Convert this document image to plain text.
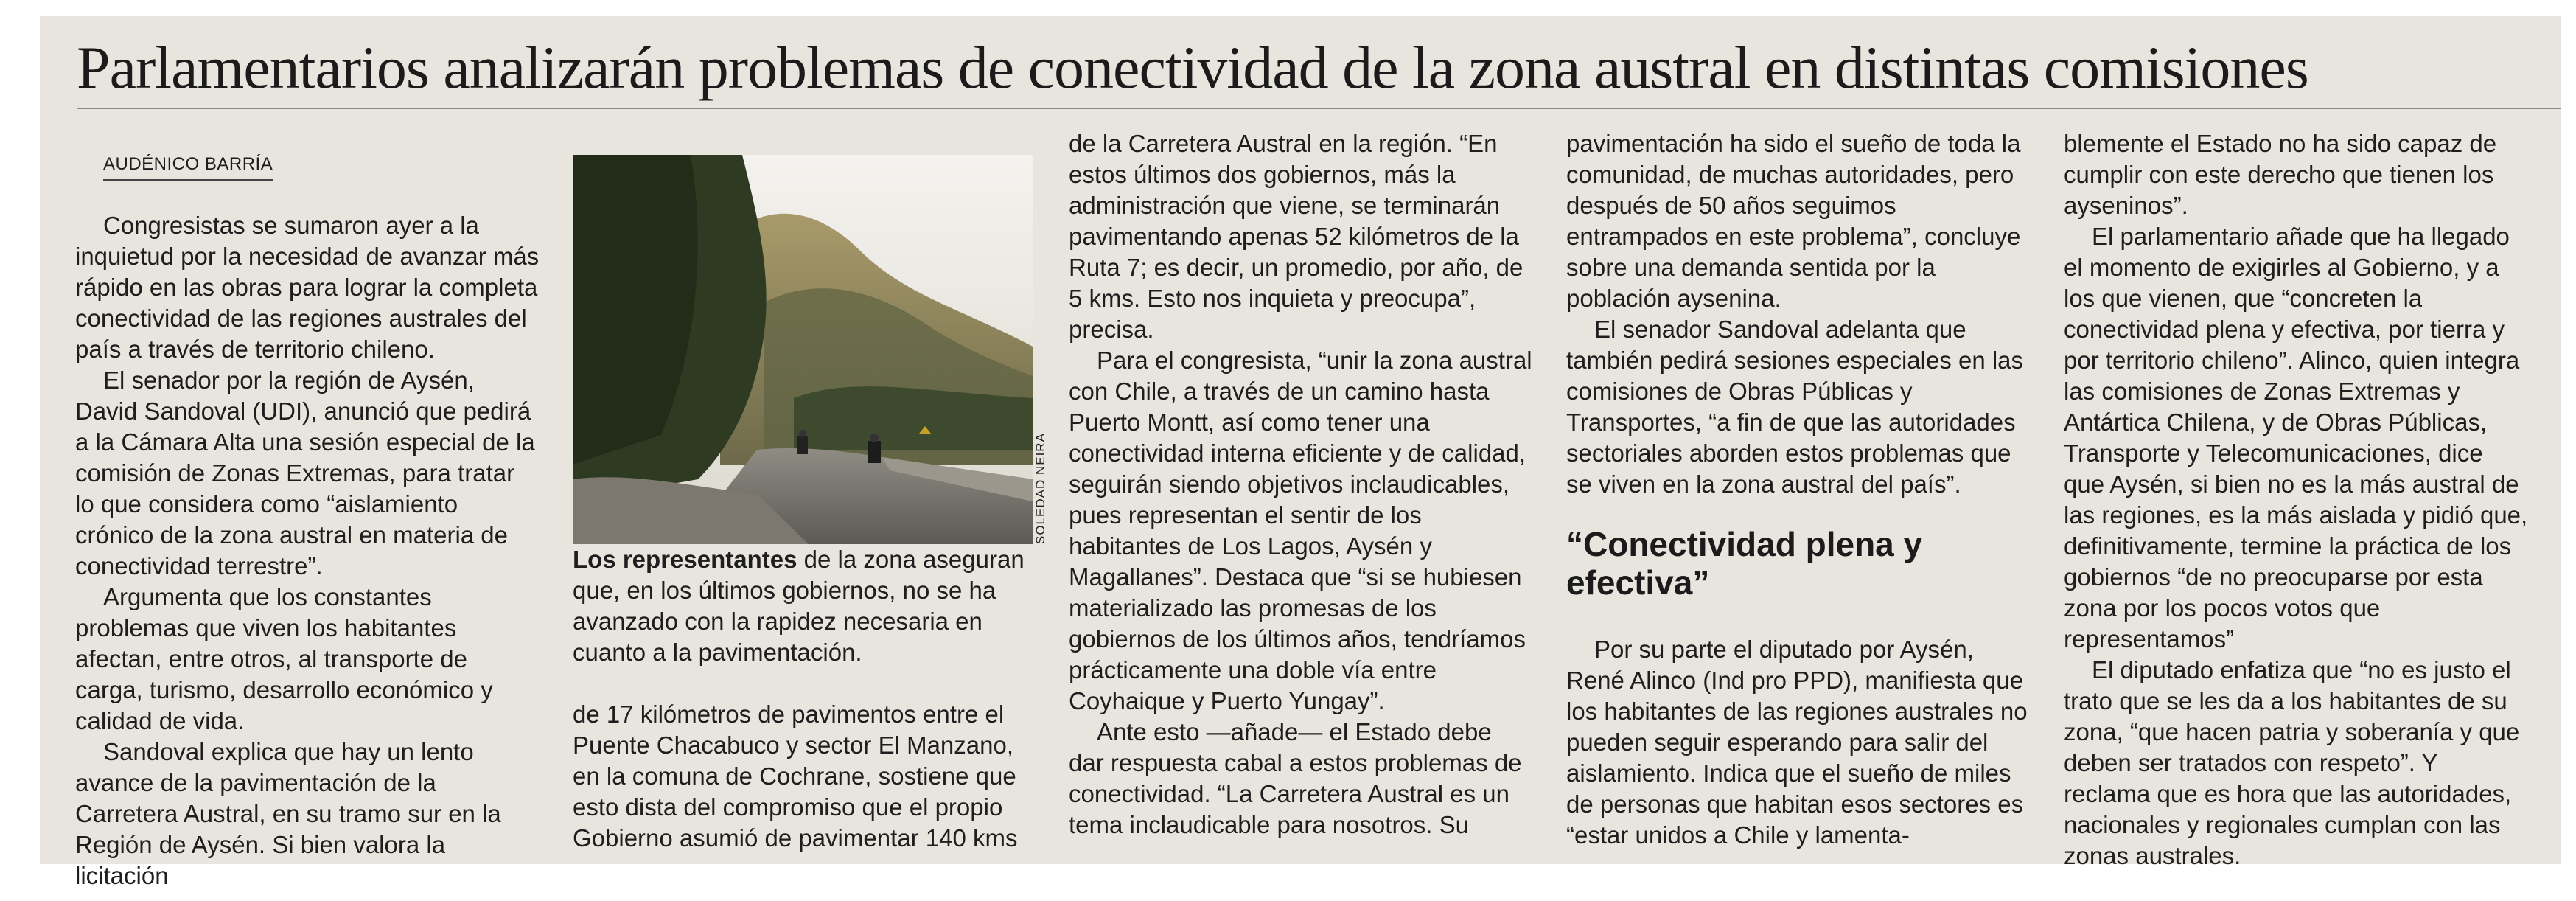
Parlamentarios analizarán problemas de conectividad de la zona austral en distintas comisiones
AUDÉNICO BARRÍA

Congresistas se sumaron ayer a la inquietud por la necesidad de avanzar más rápido en las obras para lograr la completa conectividad de las regiones australes del país a través de territorio chileno.

El senador por la región de Aysén, David Sandoval (UDI), anunció que pedirá a la Cámara Alta una sesión especial de la comisión de Zonas Extremas, para tratar lo que considera como “aislamiento crónico de la zona austral en materia de conectividad terrestre”.

Argumenta que los constantes problemas que viven los habitantes afectan, entre otros, al transporte de carga, turismo, desarrollo económico y calidad de vida.

Sandoval explica que hay un lento avance de la pavimentación de la Carretera Austral, en su tramo sur en la Región de Aysén. Si bien valora la licitación

SOLEDAD NEIRA

Los representantes de la zona aseguran que, en los últimos gobiernos, no se ha avanzado con la rapidez necesaria en cuanto a la pavimentación.

de 17 kilómetros de pavimentos entre el Puente Chacabuco y sector El Manzano, en la comuna de Cochrane, sostiene que esto dista del compromiso que el propio Gobierno asumió de pavimentar 140 kms

de la Carretera Austral en la región. “En estos últimos dos gobiernos, más la administración que viene, se terminarán pavimentando apenas 52 kilómetros de la Ruta 7; es decir, un promedio, por año, de 5 kms. Esto nos inquieta y preocupa”, precisa.

Para el congresista, “unir la zona austral con Chile, a través de un camino hasta Puerto Montt, así como tener una conectividad interna eficiente y de calidad, seguirán siendo objetivos inclaudicables, pues representan el sentir de los habitantes de Los Lagos, Aysén y Magallanes”. Destaca que “si se hubiesen materializado las promesas de los gobiernos de los últimos años, tendríamos prácticamente una doble vía entre Coyhaique y Puerto Yungay”.

Ante esto —añade— el Estado debe dar respuesta cabal a estos problemas de conectividad. “La Carretera Austral es un tema inclaudicable para nosotros. Su

pavimentación ha sido el sueño de toda la comunidad, de muchas autoridades, pero después de 50 años seguimos entrampados en este problema”, concluye sobre una demanda sentida por la población aysenina.

El senador Sandoval adelanta que también pedirá sesiones especiales en las comisiones de Obras Públicas y Transportes, “a fin de que las autoridades sectoriales aborden estos problemas que se viven en la zona austral del país”.

“Conectividad plena y efectiva”

Por su parte el diputado por Aysén, René Alinco (Ind pro PPD), manifiesta que los habitantes de las regiones australes no pueden seguir esperando para salir del aislamiento. Indica que el sueño de miles de personas que habitan esos sectores es “estar unidos a Chile y lamenta-

blemente el Estado no ha sido capaz de cumplir con este derecho que tienen los ayseninos”.

El parlamentario añade que ha llegado el momento de exigirles al Gobierno, y a los que vienen, que “concreten la conectividad plena y efectiva, por tierra y por territorio chileno”. Alinco, quien integra las comisiones de Zonas Extremas y Antártica Chilena, y de Obras Públicas, Transporte y Telecomunicaciones, dice que Aysén, si bien no es la más austral de las regiones, es la más aislada y pidió que, definitivamente, termine la práctica de los gobiernos “de no preocuparse por esta zona por los pocos votos que representamos”

El diputado enfatiza que “no es justo el trato que se les da a los habitantes de su zona, “que hacen patria y soberanía y que deben ser tratados con respeto”. Y reclama que es hora que las autoridades, nacionales y regionales cumplan con las zonas australes.
